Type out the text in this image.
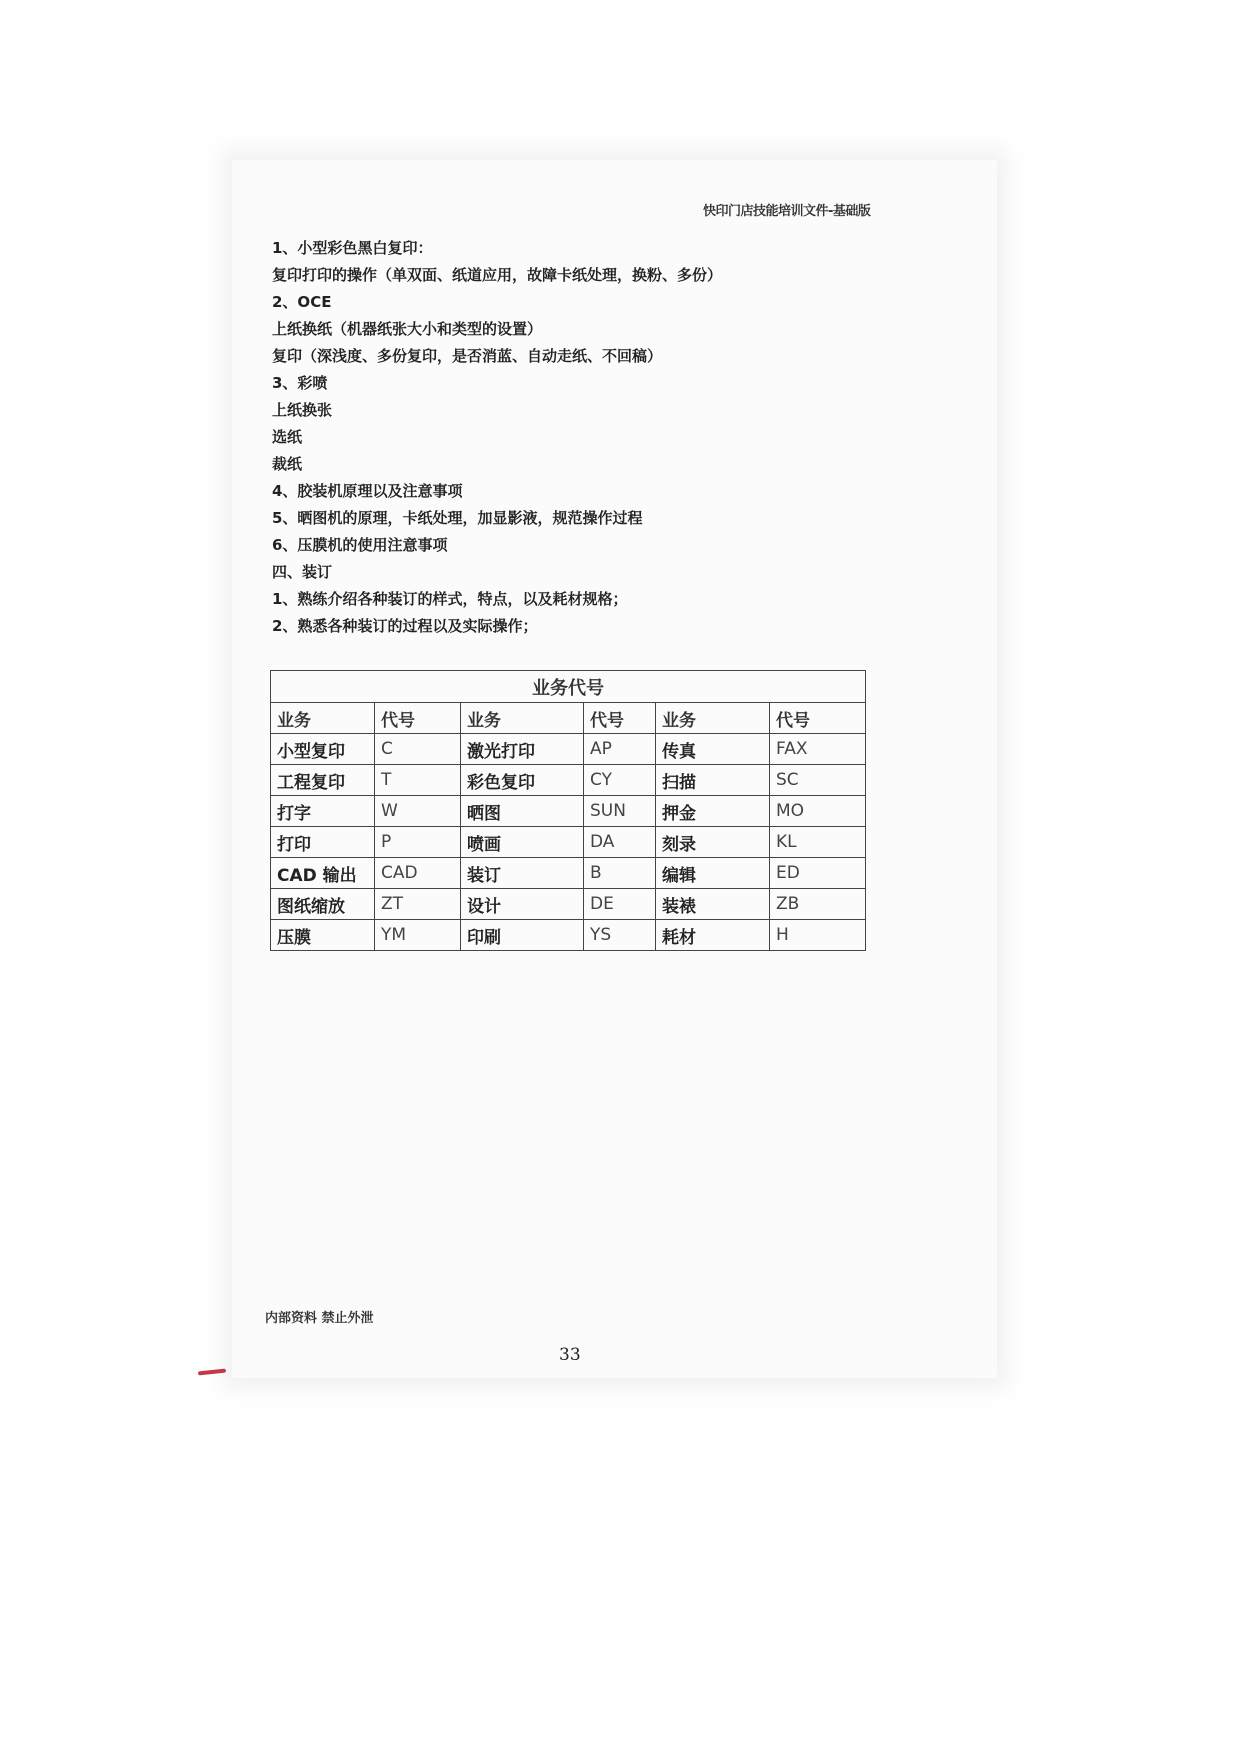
快印门店技能培训文件-基础版
1、小型彩色黑白复印：
复印打印的操作（单双面、纸道应用，故障卡纸处理，换粉、多份）
2、OCE
上纸换纸（机器纸张大小和类型的设置）
复印（深浅度、多份复印，是否消蓝、自动走纸、不回稿）
3、彩喷
上纸换张
选纸
裁纸
4、胶装机原理以及注意事项
5、晒图机的原理，卡纸处理，加显影液，规范操作过程
6、压膜机的使用注意事项
四、装订
1、熟练介绍各种装订的样式，特点，以及耗材规格；
2、熟悉各种装订的过程以及实际操作；
业务代号					
业务	代号	业务	代号	业务	代号
小型复印	C	激光打印	AP	传真	FAX
工程复印	T	彩色复印	CY	扫描	SC
打字	W	晒图	SUN	押金	MO
打印	P	喷画	DA	刻录	KL
CAD 输出	CAD	装订	B	编辑	ED
图纸缩放	ZT	设计	DE	装裱	ZB
压膜	YM	印刷	YS	耗材	H
内部资料 禁止外泄
33
